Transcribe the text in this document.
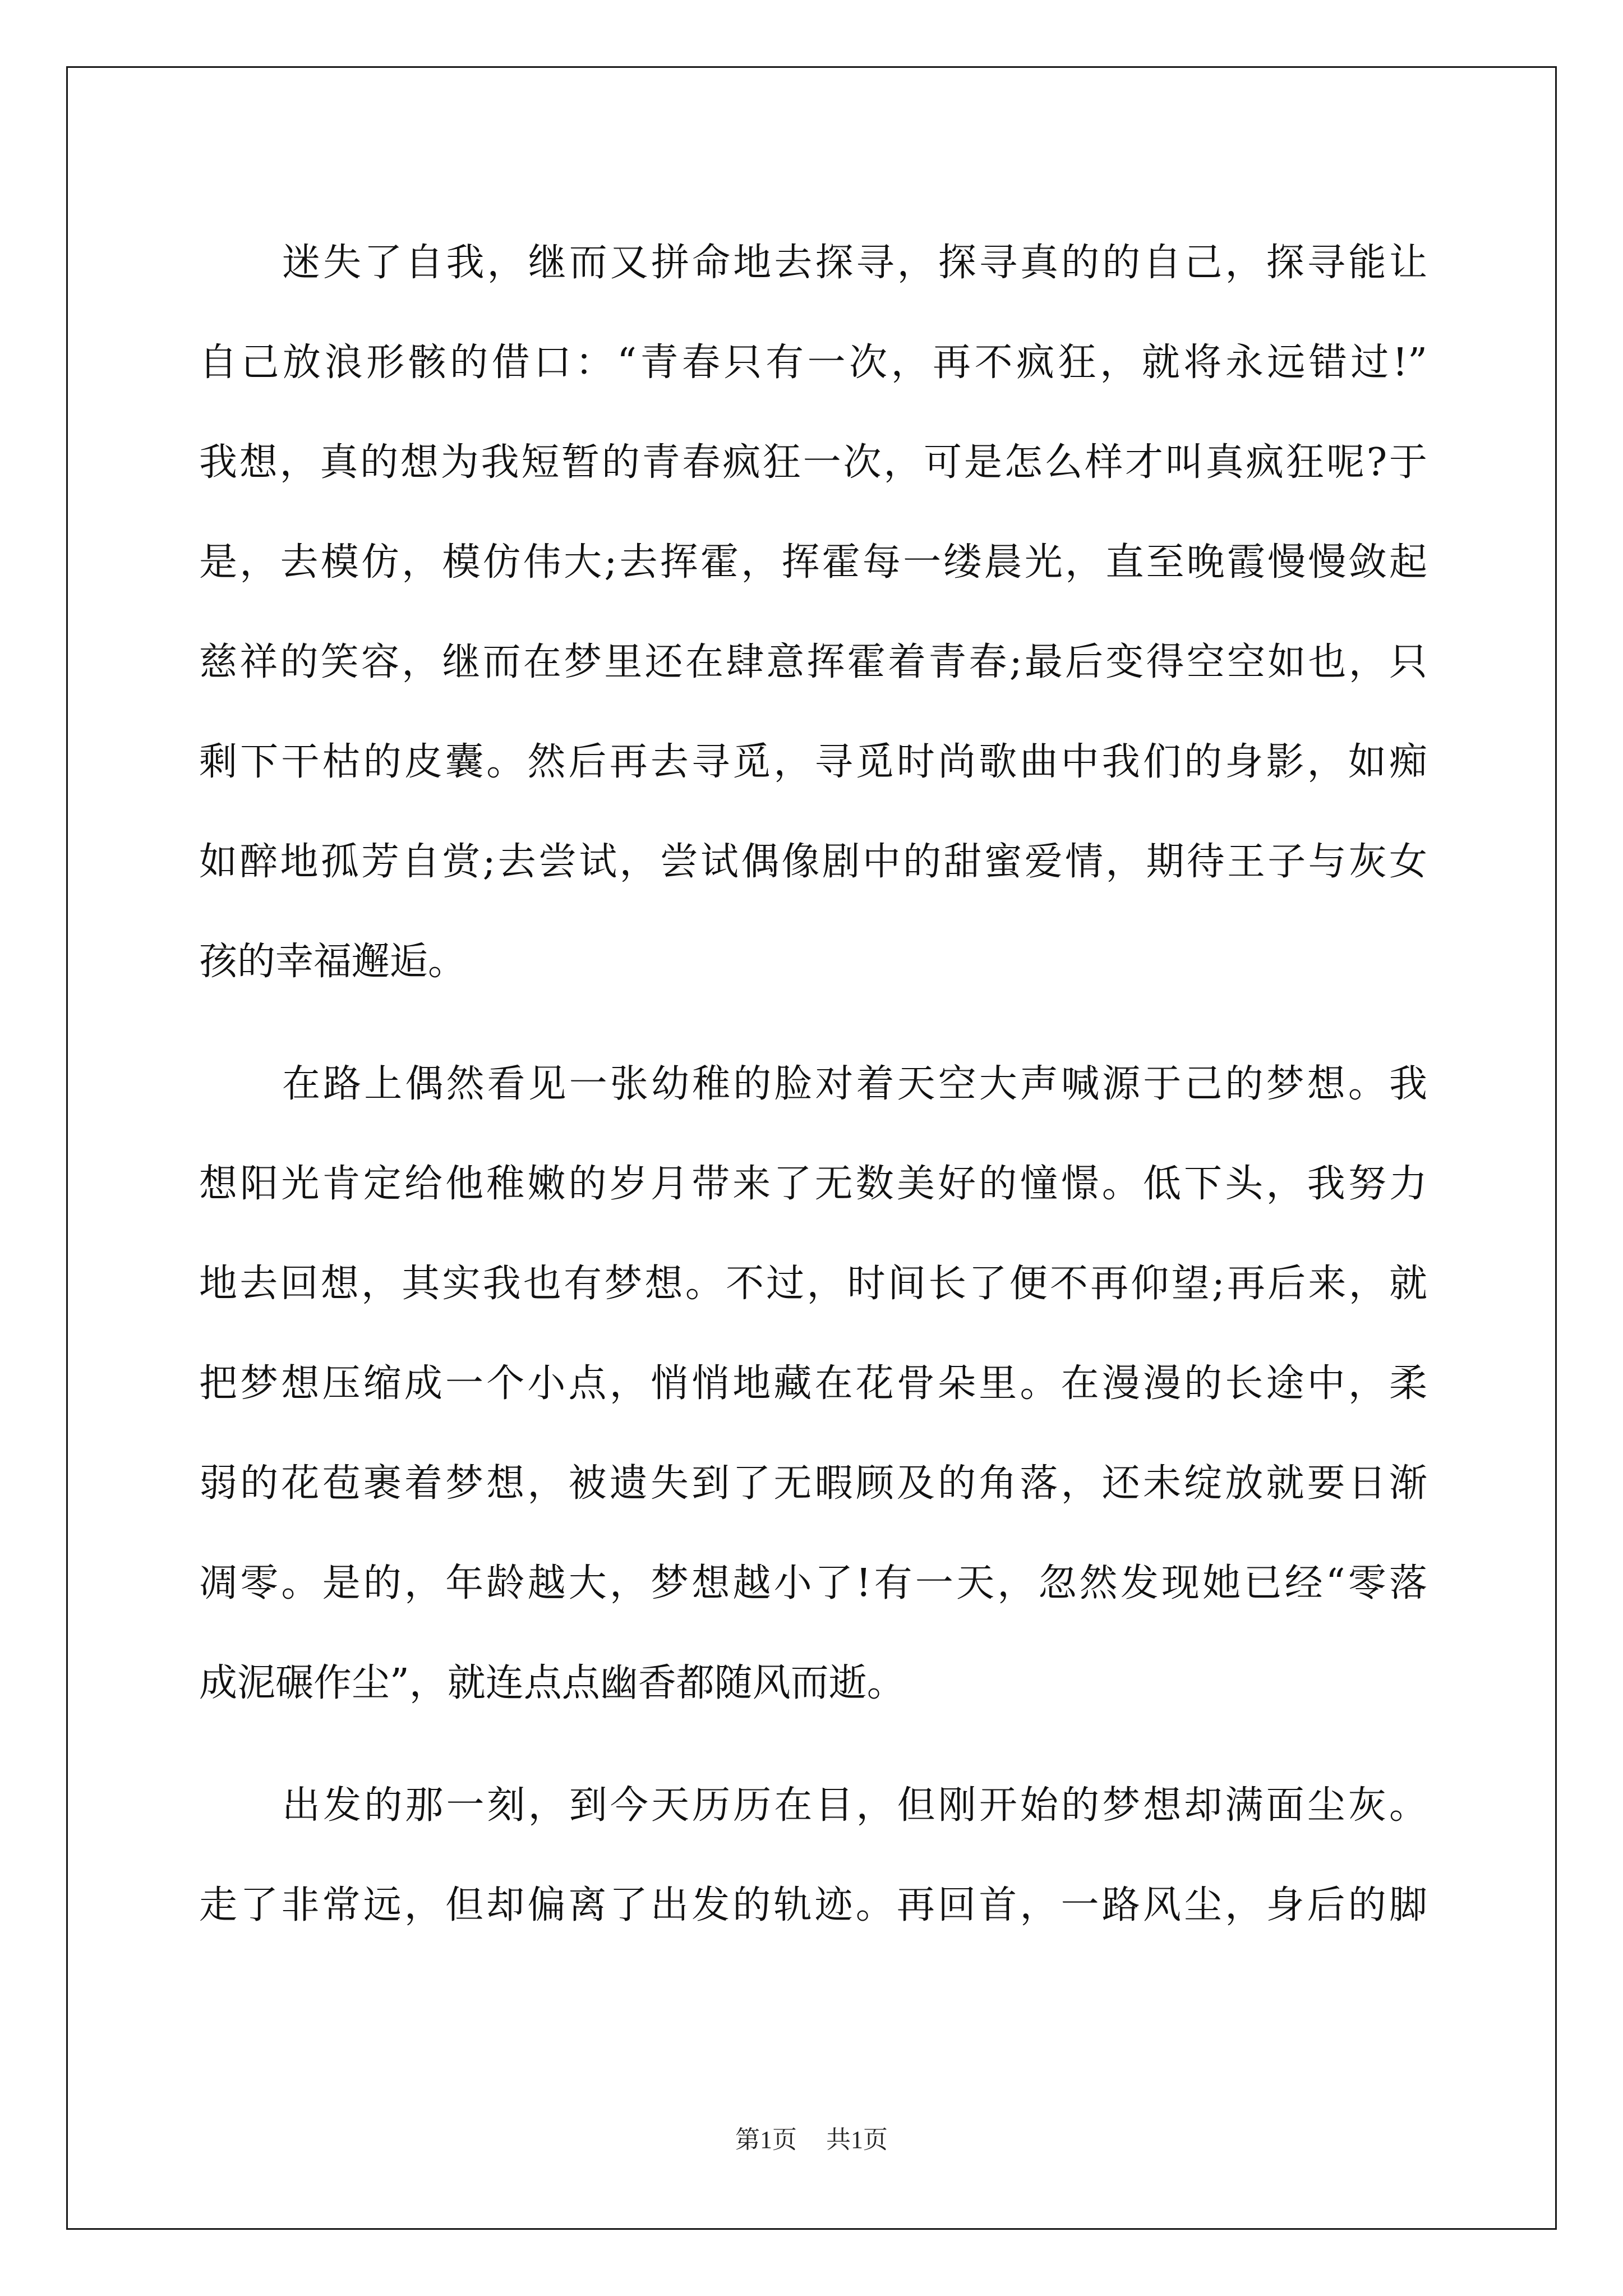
迷失了自我，继而又拼命地去探寻，探寻真的的自己，探寻能让
自己放浪形骸的借口：“青春只有一次，再不疯狂，就将永远错过!”
我想，真的想为我短暂的青春疯狂一次，可是怎么样才叫真疯狂呢?于
是，去模仿，模仿伟大;去挥霍，挥霍每一缕晨光，直至晚霞慢慢敛起
慈祥的笑容，继而在梦里还在肆意挥霍着青春;最后变得空空如也，只
剩下干枯的皮囊。然后再去寻觅，寻觅时尚歌曲中我们的身影，如痴
如醉地孤芳自赏;去尝试，尝试偶像剧中的甜蜜爱情，期待王子与灰女
孩的幸福邂逅。
在路上偶然看见一张幼稚的脸对着天空大声喊源于己的梦想。我
想阳光肯定给他稚嫩的岁月带来了无数美好的憧憬。低下头，我努力
地去回想，其实我也有梦想。不过，时间长了便不再仰望;再后来，就
把梦想压缩成一个小点，悄悄地藏在花骨朵里。在漫漫的长途中，柔
弱的花苞裹着梦想，被遗失到了无暇顾及的角落，还未绽放就要日渐
凋零。是的，年龄越大，梦想越小了!有一天，忽然发现她已经“零落
成泥碾作尘”，就连点点幽香都随风而逝。
出发的那一刻，到今天历历在目，但刚开始的梦想却满面尘灰。
走了非常远，但却偏离了出发的轨迹。再回首，一路风尘，身后的脚
第1页 共1页
